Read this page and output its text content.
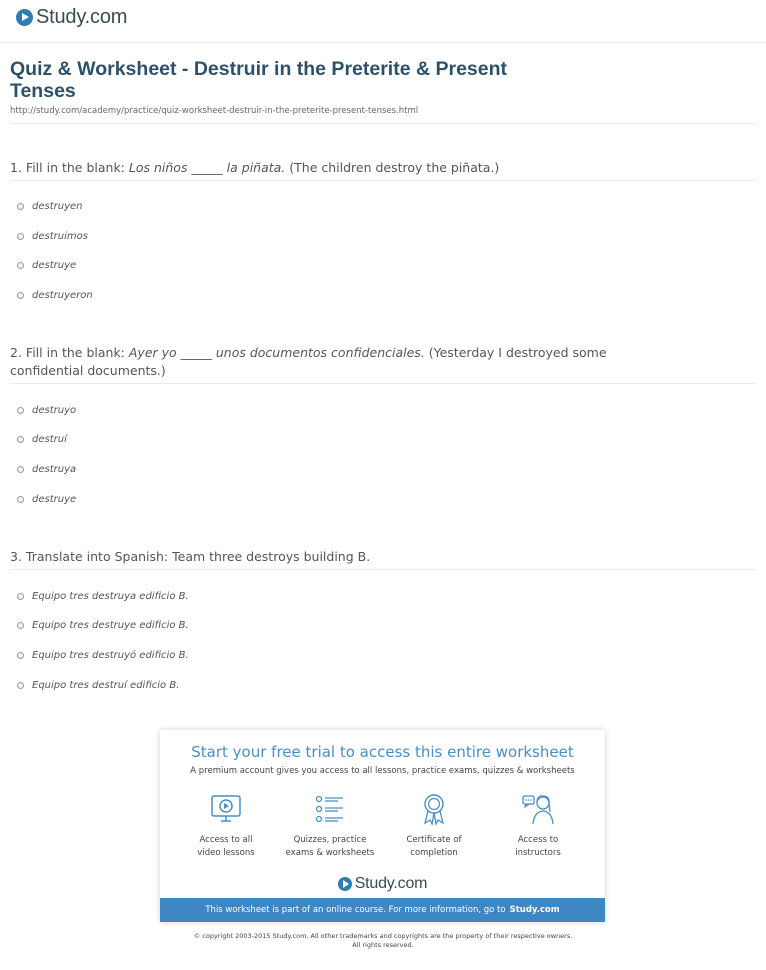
Study.com
Quiz & Worksheet - Destruir in the Preterite & Present Tenses
http://study.com/academy/practice/quiz-worksheet-destruir-in-the-preterite-present-tenses.html
1. Fill in the blank: Los niños _____ la piñata. (The children destroy the piñata.)
destruyen
destruimos
destruye
destruyeron
2. Fill in the blank: Ayer yo _____ unos documentos confidenciales. (Yesterday I destroyed some confidential documents.)
destruyo
destruí
destruya
destruye
3. Translate into Spanish: Team three destroys building B.
Equipo tres destruya edificio B.
Equipo tres destruye edificio B.
Equipo tres destruyó edificio B.
Equipo tres destruí edificio B.
Start your free trial to access this entire worksheet
A premium account gives you access to all lessons, practice exams, quizzes & worksheets
Access to all
video lessons
Quizzes, practice
exams & worksheets
Certificate of
completion
Access to
instructors
Study.com
This worksheet is part of an online course. For more information, go to Study.com
© copyright 2003-2015 Study.com. All other trademarks and copyrights are the property of their respective owners.
All rights reserved.
